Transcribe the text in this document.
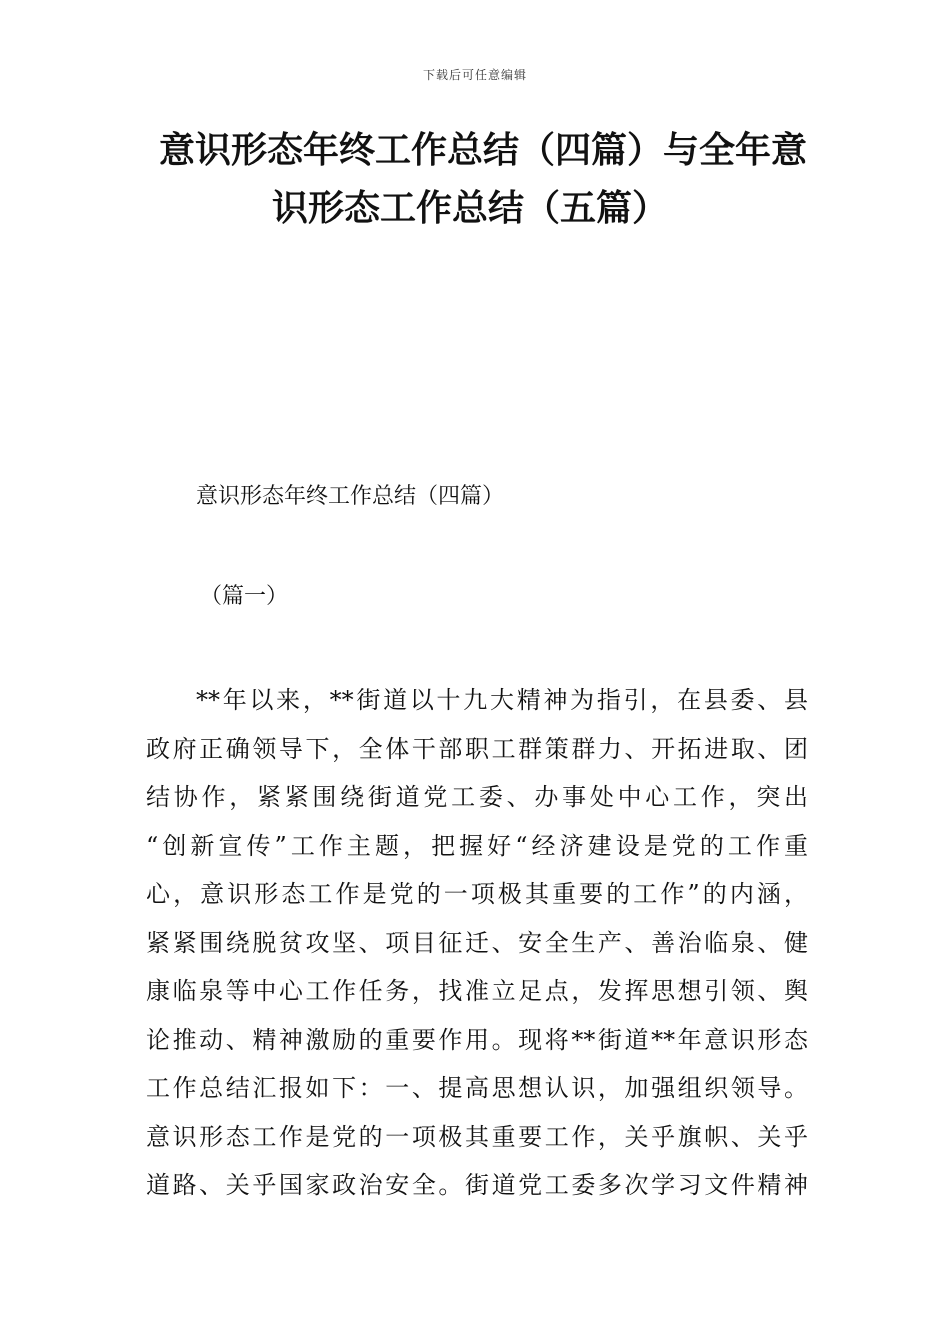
下载后可任意编辑
意识形态年终工作总结（四篇）与全年意
识形态工作总结（五篇）
意识形态年终工作总结（四篇）
（篇一）
**年以来，**街道以十九大精神为指引，在县委、县
政府正确领导下，全体干部职工群策群力、开拓进取、团
结协作，紧紧围绕街道党工委、办事处中心工作，突出
“创新宣传”工作主题，把握好“经济建设是党的工作重
心，意识形态工作是党的一项极其重要的工作”的内涵，
紧紧围绕脱贫攻坚、项目征迁、安全生产、善治临泉、健
康临泉等中心工作任务，找准立足点，发挥思想引领、舆
论推动、精神激励的重要作用。现将**街道**年意识形态
工作总结汇报如下：一、提高思想认识，加强组织领导。
意识形态工作是党的一项极其重要工作，关乎旗帜、关乎
道路、关乎国家政治安全。街道党工委多次学习文件精神
